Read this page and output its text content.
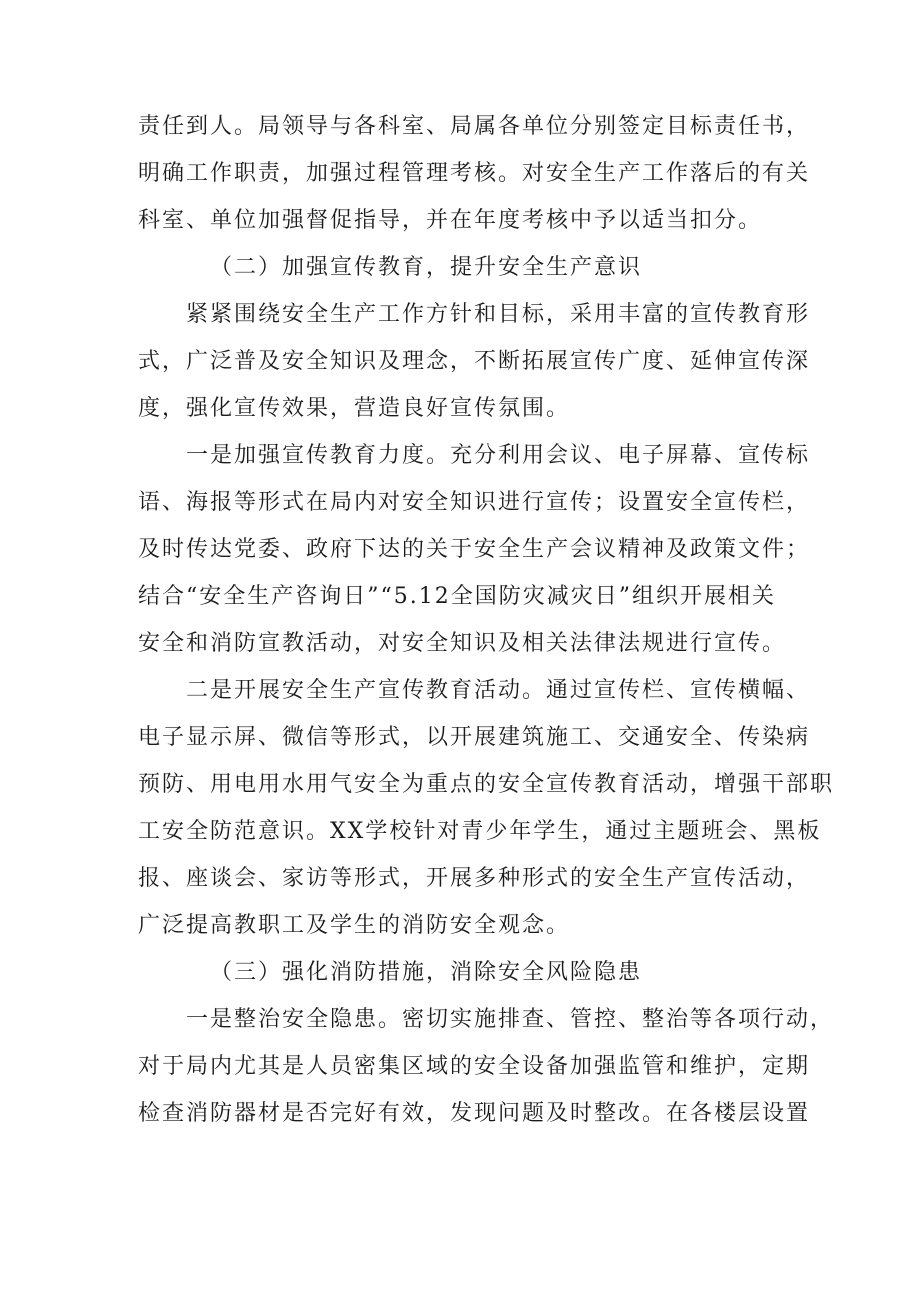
责任到人。局领导与各科室、局属各单位分别签定目标责任书，
明确工作职责，加强过程管理考核。对安全生产工作落后的有关
科室、单位加强督促指导，并在年度考核中予以适当扣分。
（二）加强宣传教育，提升安全生产意识
紧紧围绕安全生产工作方针和目标，采用丰富的宣传教育形
式，广泛普及安全知识及理念，不断拓展宣传广度、延伸宣传深
度，强化宣传效果，营造良好宣传氛围。
一是加强宣传教育力度。充分利用会议、电子屏幕、宣传标
语、海报等形式在局内对安全知识进行宣传；设置安全宣传栏，
及时传达党委、政府下达的关于安全生产会议精神及政策文件；
结合“安全生产咨询日”“5.12全国防灾减灾日”组织开展相关
安全和消防宣教活动，对安全知识及相关法律法规进行宣传。
二是开展安全生产宣传教育活动。通过宣传栏、宣传横幅、
电子显示屏、微信等形式，以开展建筑施工、交通安全、传染病
预防、用电用水用气安全为重点的安全宣传教育活动，增强干部职
工安全防范意识。XX学校针对青少年学生，通过主题班会、黑板
报、座谈会、家访等形式，开展多种形式的安全生产宣传活动，
广泛提高教职工及学生的消防安全观念。
（三）强化消防措施，消除安全风险隐患
一是整治安全隐患。密切实施排查、管控、整治等各项行动，
对于局内尤其是人员密集区域的安全设备加强监管和维护，定期
检查消防器材是否完好有效，发现问题及时整改。在各楼层设置
